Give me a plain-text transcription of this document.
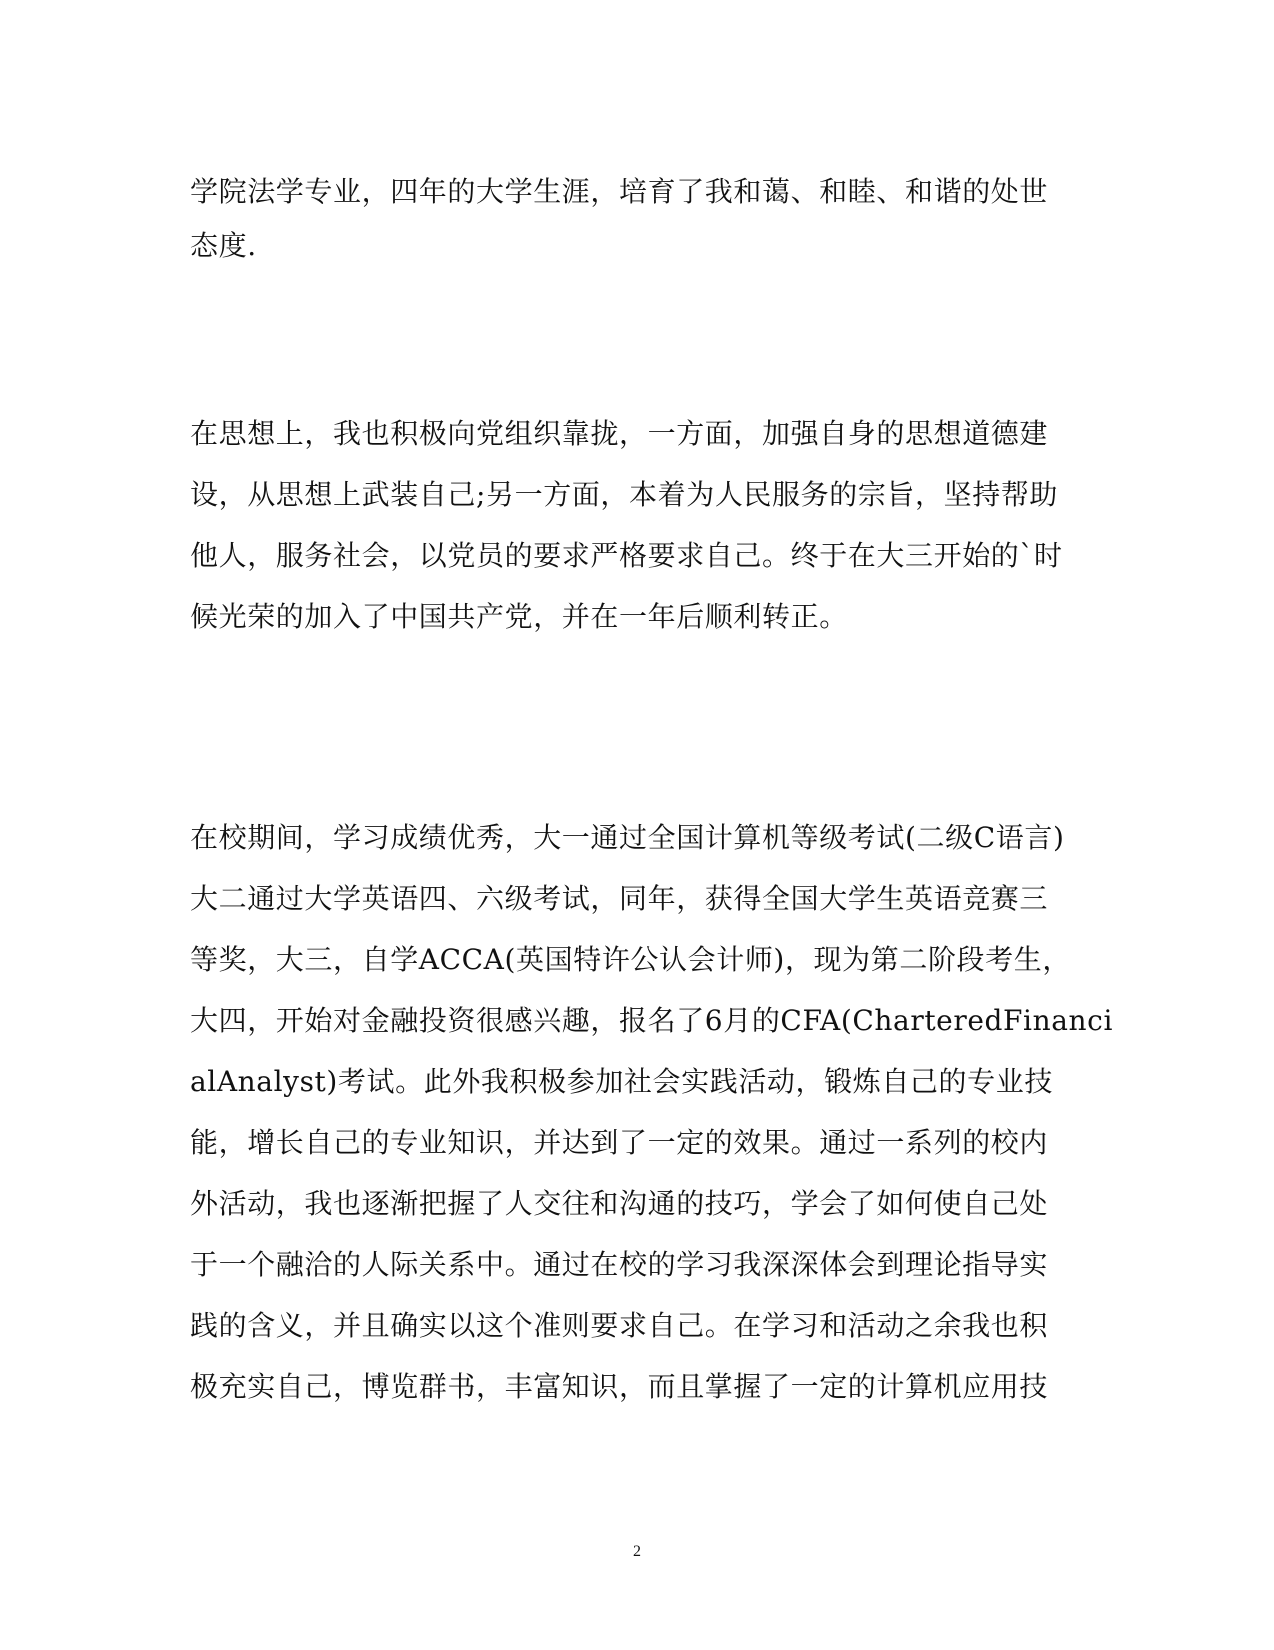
学院法学专业，四年的大学生涯，培育了我和蔼、和睦、和谐的处世
态度.
在思想上，我也积极向党组织靠拢，一方面，加强自身的思想道德建
设，从思想上武装自己;另一方面，本着为人民服务的宗旨，坚持帮助
他人，服务社会，以党员的要求严格要求自己。终于在大三开始的`时
候光荣的加入了中国共产党，并在一年后顺利转正。
在校期间，学习成绩优秀，大一通过全国计算机等级考试(二级C语言)
大二通过大学英语四、六级考试，同年，获得全国大学生英语竞赛三
等奖，大三，自学ACCA(英国特许公认会计师)，现为第二阶段考生，
大四，开始对金融投资很感兴趣，报名了6月的CFA(CharteredFinanci
alAnalyst)考试。此外我积极参加社会实践活动，锻炼自己的专业技
能，增长自己的专业知识，并达到了一定的效果。通过一系列的校内
外活动，我也逐渐把握了人交往和沟通的技巧，学会了如何使自己处
于一个融洽的人际关系中。通过在校的学习我深深体会到理论指导实
践的含义，并且确实以这个准则要求自己。在学习和活动之余我也积
极充实自己，博览群书，丰富知识，而且掌握了一定的计算机应用技
2
